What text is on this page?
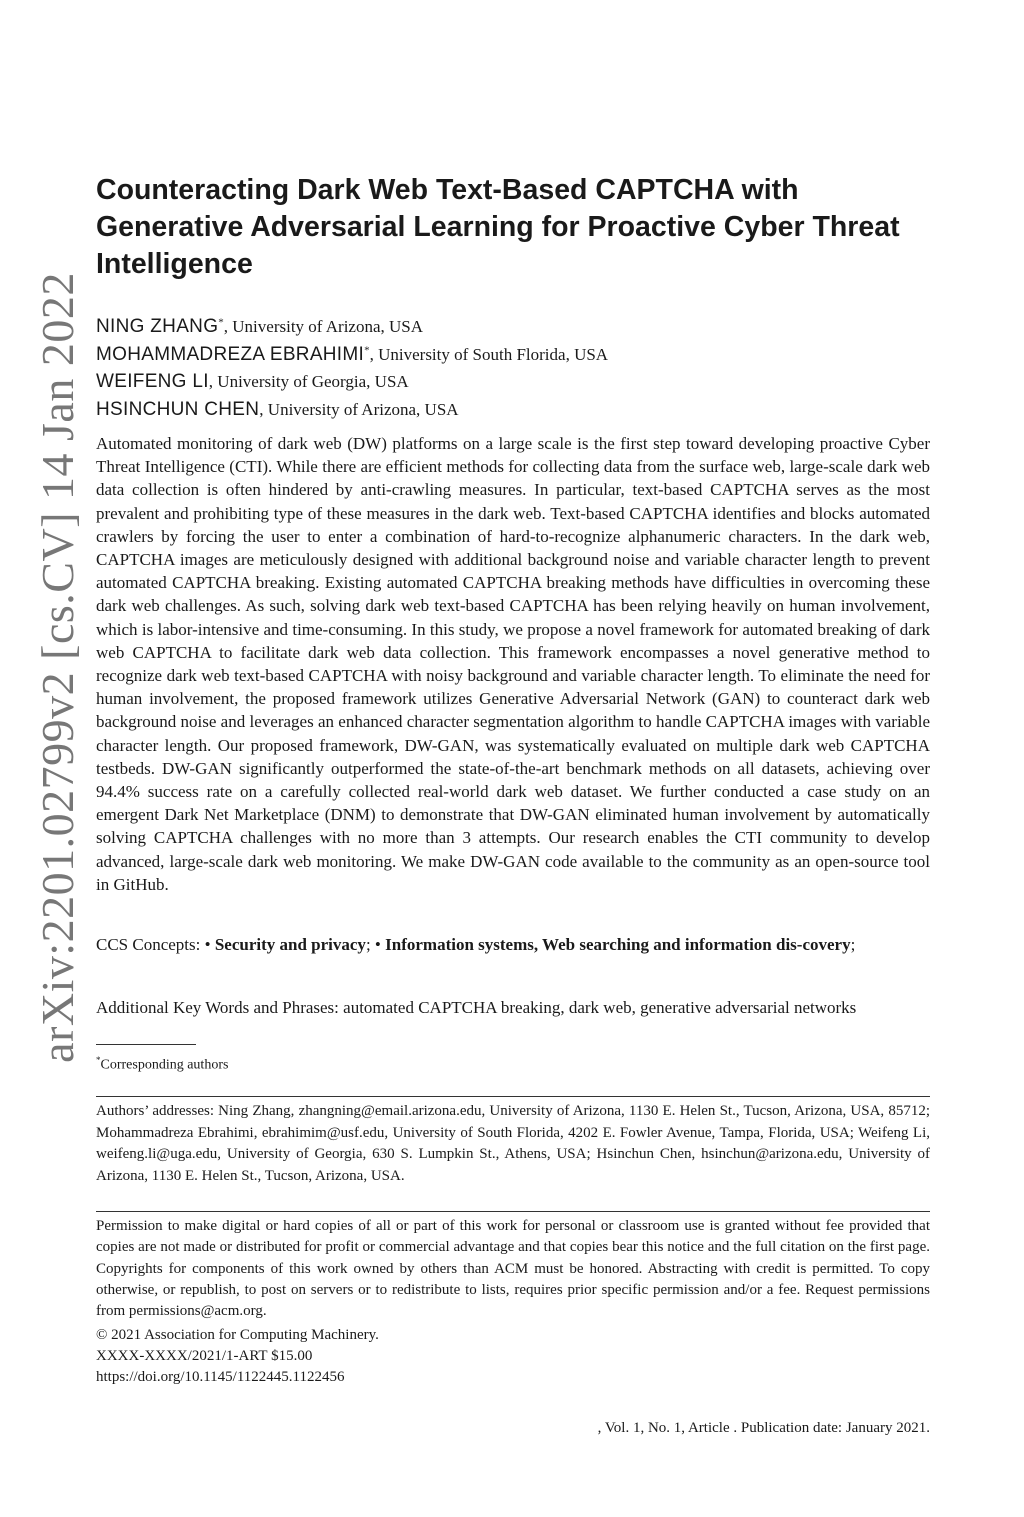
arXiv:2201.02799v2 [cs.CV] 14 Jan 2022
Counteracting Dark Web Text-Based CAPTCHA with Generative Adversarial Learning for Proactive Cyber Threat Intelligence
NING ZHANG*, University of Arizona, USA
MOHAMMADREZA EBRAHIMI*, University of South Florida, USA
WEIFENG LI, University of Georgia, USA
HSINCHUN CHEN, University of Arizona, USA

Automated monitoring of dark web (DW) platforms on a large scale is the first step toward developing proactive Cyber Threat Intelligence (CTI). While there are efficient methods for collecting data from the surface web, large-scale dark web data collection is often hindered by anti-crawling measures. In particular, text-based CAPTCHA serves as the most prevalent and prohibiting type of these measures in the dark web. Text-based CAPTCHA identifies and blocks automated crawlers by forcing the user to enter a combination of hard-to-recognize alphanumeric characters. In the dark web, CAPTCHA images are meticulously designed with additional background noise and variable character length to prevent automated CAPTCHA breaking. Existing automated CAPTCHA breaking methods have difficulties in overcoming these dark web challenges. As such, solving dark web text-based CAPTCHA has been relying heavily on human involvement, which is labor-intensive and time-consuming. In this study, we propose a novel framework for automated breaking of dark web CAPTCHA to facilitate dark web data collection. This framework encompasses a novel generative method to recognize dark web text-based CAPTCHA with noisy background and variable character length. To eliminate the need for human involvement, the proposed framework utilizes Generative Adversarial Network (GAN) to counteract dark web background noise and leverages an enhanced character segmentation algorithm to handle CAPTCHA images with variable character length. Our proposed framework, DW-GAN, was systematically evaluated on multiple dark web CAPTCHA testbeds. DW-GAN significantly outperformed the state-of-the-art benchmark methods on all datasets, achieving over 94.4% success rate on a carefully collected real-world dark web dataset. We further conducted a case study on an emergent Dark Net Marketplace (DNM) to demonstrate that DW-GAN eliminated human involvement by automatically solving CAPTCHA challenges with no more than 3 attempts. Our research enables the CTI community to develop advanced, large-scale dark web monitoring. We make DW-GAN code available to the community as an open-source tool in GitHub.

CCS Concepts: • Security and privacy; • Information systems, Web searching and information dis-covery;

Additional Key Words and Phrases: automated CAPTCHA breaking, dark web, generative adversarial networks

*Corresponding authors

Authors’ addresses: Ning Zhang, zhangning@email.arizona.edu, University of Arizona, 1130 E. Helen St., Tucson, Arizona, USA, 85712; Mohammadreza Ebrahimi, ebrahimim@usf.edu, University of South Florida, 4202 E. Fowler Avenue, Tampa, Florida, USA; Weifeng Li, weifeng.li@uga.edu, University of Georgia, 630 S. Lumpkin St., Athens, USA; Hsinchun Chen, hsinchun@arizona.edu, University of Arizona, 1130 E. Helen St., Tucson, Arizona, USA.

Permission to make digital or hard copies of all or part of this work for personal or classroom use is granted without fee provided that copies are not made or distributed for profit or commercial advantage and that copies bear this notice and the full citation on the first page. Copyrights for components of this work owned by others than ACM must be honored. Abstracting with credit is permitted. To copy otherwise, or republish, to post on servers or to redistribute to lists, requires prior specific permission and/or a fee. Request permissions from permissions@acm.org.

© 2021 Association for Computing Machinery.
XXXX-XXXX/2021/1-ART $15.00
https://doi.org/10.1145/1122445.1122456
, Vol. 1, No. 1, Article . Publication date: January 2021.
